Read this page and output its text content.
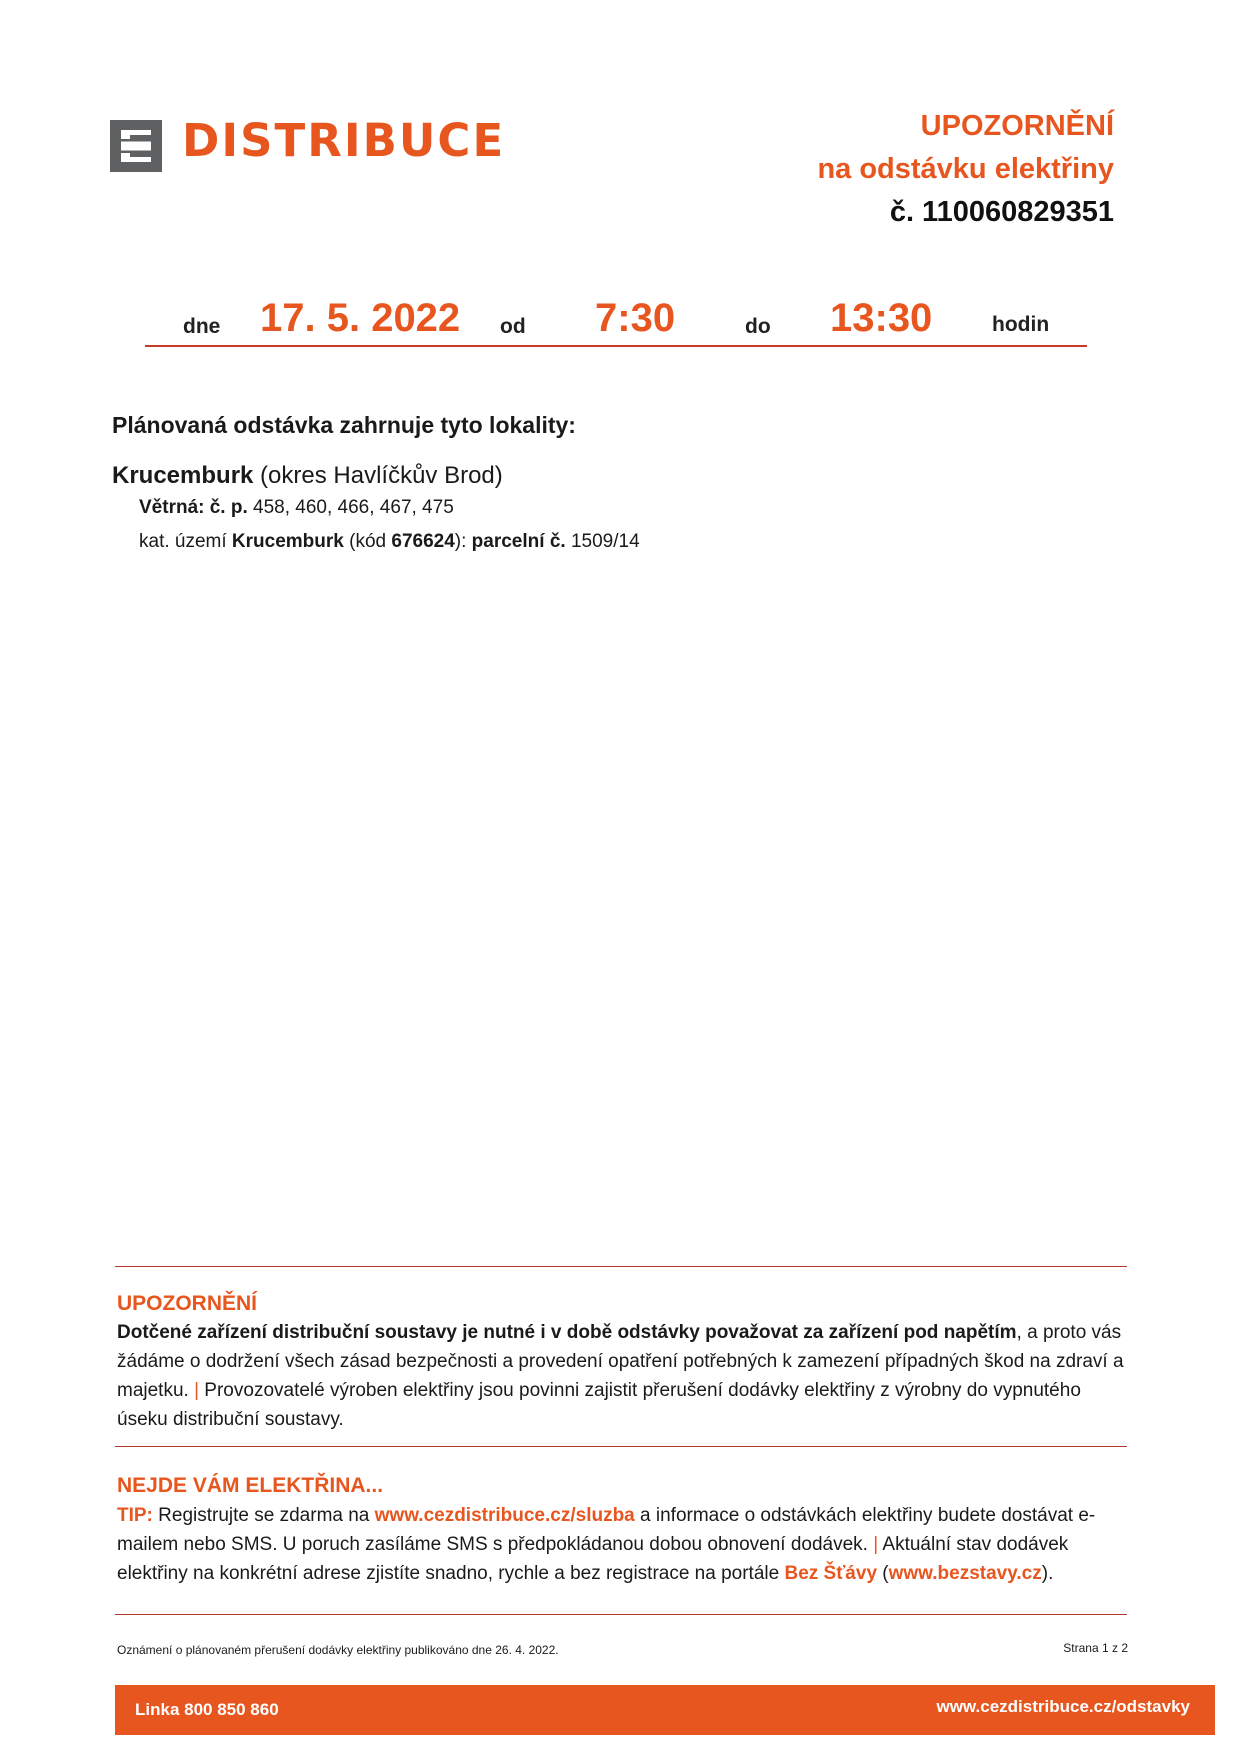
DISTRIBUCE	UPOZORNĚNÍ
na odstávku elektřiny
č. 110060829351
dne 17. 5. 2022 od 7:30	do 13:30	hodin
Plánovaná odstávka zahrnuje tyto lokality:
Krucemburk (okres Havlíčkův Brod)
Větrná: č. p. 458, 460, 466, 467, 475
kat. území Krucemburk (kód 676624): parcelní č. 1509/14
UPOZORNĚNÍ
Dotčené zařízení distribuční soustavy je nutné i v době odstávky považovat za zařízení pod napětím, a proto vás žádáme o dodržení všech zásad bezpečnosti a provedení opatření potřebných k zamezení případných škod na zdraví a majetku. | Provozovatelé výroben elektřiny jsou povinni zajistit přerušení dodávky elektřiny z výrobny do vypnutého úseku distribuční soustavy.
NEJDE VÁM ELEKTŘINA...
TIP: Registrujte se zdarma na www.cezdistribuce.cz/sluzba a informace o odstávkách elektřiny budete dostávat e-mailem nebo SMS. U poruch zasíláme SMS s předpokládanou dobou obnovení dodávek. | Aktuální stav dodávek elektřiny na konkrétní adrese zjistíte snadno, rychle a bez registrace na portále Bez Šťávy (www.bezstavy.cz).
Oznámení o plánovaném přerušení dodávky elektřiny publikováno dne 26. 4. 2022.	Strana 1 z 2
Linka 800 850 860	www.cezdistribuce.cz/odstavky
